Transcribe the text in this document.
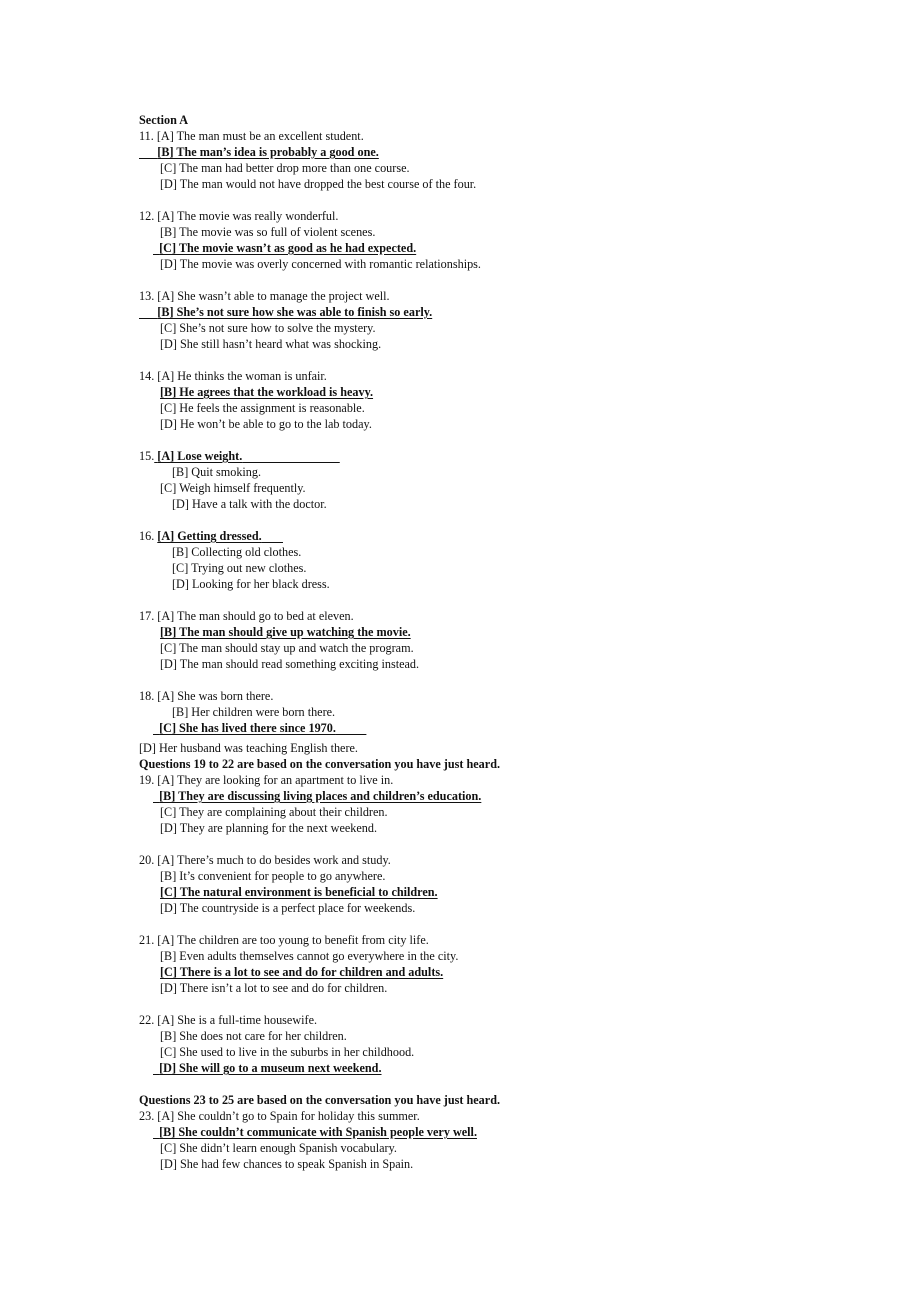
Section A
11. [A] The man must be an excellent student.
[B] The man’s idea is probably a good one.
[C] The man had better drop more than one course.
[D] The man would not have dropped the best course of the four.
12. [A] The movie was really wonderful.
[B] The movie was so full of violent scenes.
[C] The movie wasn’t as good as he had expected.
[D] The movie was overly concerned with romantic relationships.
13. [A] She wasn’t able to manage the project well.
[B] She’s not sure how she was able to finish so early.
[C] She’s not sure how to solve the mystery.
[D] She still hasn’t heard what was shocking.
14. [A] He thinks the woman is unfair.
[B] He agrees that the workload is heavy.
[C] He feels the assignment is reasonable.
[D] He won’t be able to go to the lab today.
15. [A] Lose weight.
[B] Quit smoking.
[C] Weigh himself frequently.
[D] Have a talk with the doctor.
16. [A] Getting dressed.
[B] Collecting old clothes.
[C] Trying out new clothes.
[D] Looking for her black dress.
17. [A] The man should go to bed at eleven.
[B] The man should give up watching the movie.
[C] The man should stay up and watch the program.
[D] The man should read something exciting instead.
18. [A] She was born there.
[B] Her children were born there.
[C] She has lived there since 1970.
[D] Her husband was teaching English there.
Questions 19 to 22 are based on the conversation you have just heard.
19. [A] They are looking for an apartment to live in.
[B] They are discussing living places and children’s education.
[C] They are complaining about their children.
[D] They are planning for the next weekend.
20. [A] There’s much to do besides work and study.
[B] It’s convenient for people to go anywhere.
[C] The natural environment is beneficial to children.
[D] The countryside is a perfect place for weekends.
21. [A] The children are too young to benefit from city life.
[B] Even adults themselves cannot go everywhere in the city.
[C] There is a lot to see and do for children and adults.
[D] There isn’t a lot to see and do for children.
22. [A] She is a full-time housewife.
[B] She does not care for her children.
[C] She used to live in the suburbs in her childhood.
[D] She will go to a museum next weekend.
Questions 23 to 25 are based on the conversation you have just heard.
23. [A] She couldn’t go to Spain for holiday this summer.
[B] She couldn’t communicate with Spanish people very well.
[C] She didn’t learn enough Spanish vocabulary.
[D] She had few chances to speak Spanish in Spain.
